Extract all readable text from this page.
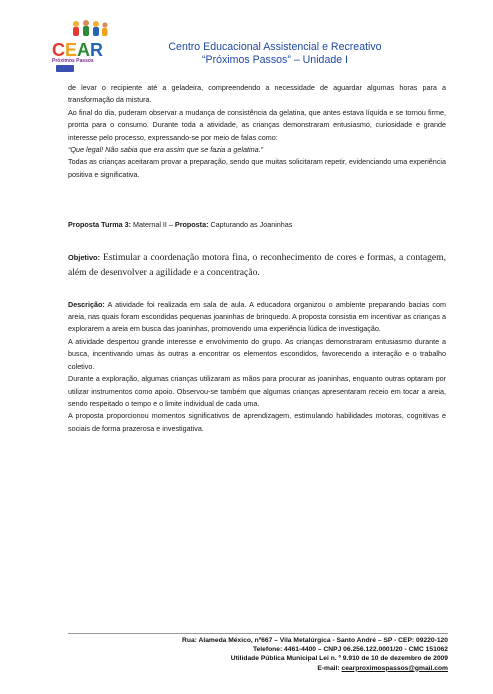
CEAR
Próximos Passos
Centro Educacional Assistencial e Recreativo
“Próximos Passos” – Unidade I

de levar o recipiente até a geladeira, compreendendo a necessidade de aguardar algumas horas para a transformação da mistura.

Ao final do dia, puderam observar a mudança de consistência da gelatina, que antes estava líquida e se tornou firme, pronta para o consumo. Durante toda a atividade, as crianças demonstraram entusiasmo, curiosidade e grande interesse pelo processo, expressando-se por meio de falas como:

“Que legal! Não sabia que era assim que se fazia a gelatina.”

Todas as crianças aceitaram provar a preparação, sendo que muitas solicitaram repetir, evidenciando uma experiência positiva e significativa.

Proposta Turma 3: Maternal II – Proposta: Capturando as Joaninhas

Objetivo: Estimular a coordenação motora fina, o reconhecimento de cores e formas, a contagem, além de desenvolver a agilidade e a concentração.

Descrição: A atividade foi realizada em sala de aula. A educadora organizou o ambiente preparando bacias com areia, nas quais foram escondidas pequenas joaninhas de brinquedo. A proposta consistia em incentivar as crianças a explorarem a areia em busca das joaninhas, promovendo uma experiência lúdica de investigação.

A atividade despertou grande interesse e envolvimento do grupo. As crianças demonstraram entusiasmo durante a busca, incentivando umas às outras a encontrar os elementos escondidos, favorecendo a interação e o trabalho coletivo.

Durante a exploração, algumas crianças utilizaram as mãos para procurar as joaninhas, enquanto outras optaram por utilizar instrumentos como apoio. Observou-se também que algumas crianças apresentaram receio em tocar a areia, sendo respeitado o tempo e o limite individual de cada uma.

A proposta proporcionou momentos significativos de aprendizagem, estimulando habilidades motoras, cognitivas e sociais de forma prazerosa e investigativa.

Rua: Alameda México, nº667 – Vila Metalúrgica - Santo André – SP - CEP: 09220-120
Telefone: 4461-4400 – CNPJ 06.256.122.0001/20 - CMC 151062
Utilidade Pública Municipal Lei n. º 9.910 de 10 de dezembro de 2009
E-mail: cearproximospassos@gmail.com
